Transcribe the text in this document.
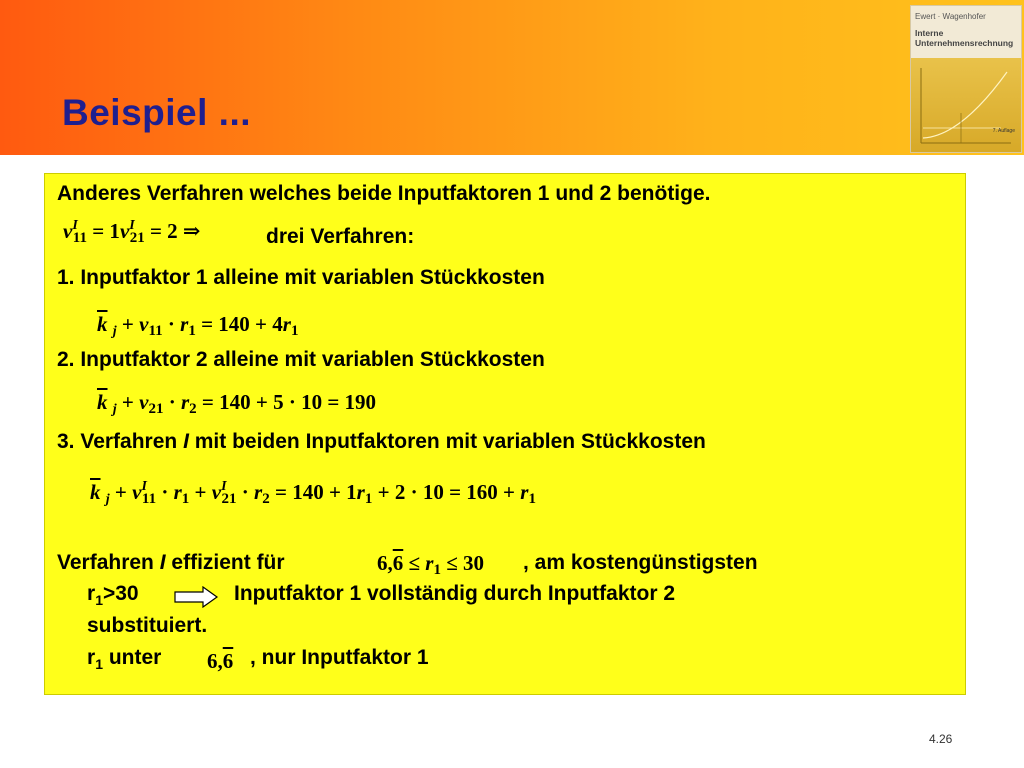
Beispiel ...
Ewert · Wagenhofer
Interne
Unternehmensrechnung
7. Auflage
Anderes Verfahren welches beide Inputfaktoren 1 und 2 benötige.
$v^I_{11} = 1v^I_{21} = 2$ ⇒	drei Verfahren:
1. Inputfaktor 1 alleine mit variablen Stückkosten
$\overline{k}$ $_j + v_{11} \cdot r_1 = 140 + 4r_1$
2. Inputfaktor 2 alleine mit variablen Stückkosten
$\overline{k}$ $_j + v_{21} \cdot r_2 = 140 + 5 \cdot 10 = 190$
3. Verfahren I mit beiden Inputfaktoren mit variablen Stückkosten
$\overline{k}$ $_j + v^I_{11} \cdot r_1 + v^I_{21} \cdot r_2 = 140 + 1r_1 + 2 \cdot 10 = 160 + r_1$
Verfahren I effizient für	$6,6 \le r_1 \le 30$ , am kostengünstigsten
$r_1>30$	Inputfaktor 1 vollständig durch Inputfaktor 2
substituiert.
$r_1$ unter 6,6 , nur Inputfaktor 1
4.26
